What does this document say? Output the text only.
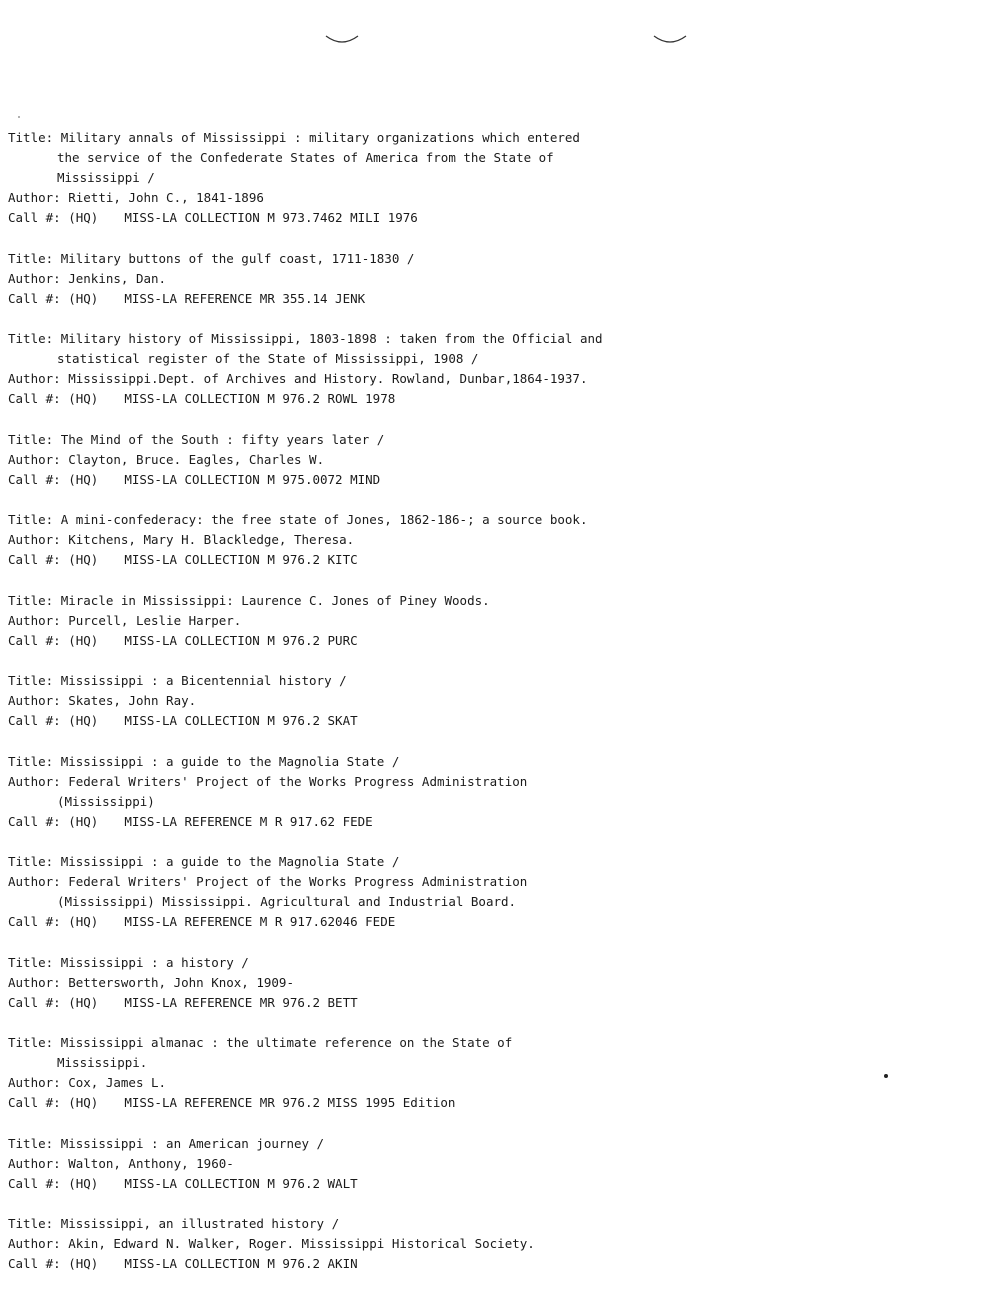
Title: Military annals of Mississippi : military organizations which entered
the service of the Confederate States of America from the State of
Mississippi /
Author: Rietti, John C., 1841-1896
Call #: (HQ) MISS-LA COLLECTION M 973.7462 MILI 1976
Title: Military buttons of the gulf coast, 1711-1830 /
Author: Jenkins, Dan.
Call #: (HQ) MISS-LA REFERENCE MR 355.14 JENK
Title: Military history of Mississippi, 1803-1898 : taken from the Official and
statistical register of the State of Mississippi, 1908 /
Author: Mississippi.Dept. of Archives and History. Rowland, Dunbar,1864-1937.
Call #: (HQ) MISS-LA COLLECTION M 976.2 ROWL 1978
Title: The Mind of the South : fifty years later /
Author: Clayton, Bruce. Eagles, Charles W.
Call #: (HQ) MISS-LA COLLECTION M 975.0072 MIND
Title: A mini-confederacy: the free state of Jones, 1862-186-; a source book.
Author: Kitchens, Mary H. Blackledge, Theresa.
Call #: (HQ) MISS-LA COLLECTION M 976.2 KITC
Title: Miracle in Mississippi: Laurence C. Jones of Piney Woods.
Author: Purcell, Leslie Harper.
Call #: (HQ) MISS-LA COLLECTION M 976.2 PURC
Title: Mississippi : a Bicentennial history /
Author: Skates, John Ray.
Call #: (HQ) MISS-LA COLLECTION M 976.2 SKAT
Title: Mississippi : a guide to the Magnolia State /
Author: Federal Writers' Project of the Works Progress Administration
(Mississippi)
Call #: (HQ) MISS-LA REFERENCE M R 917.62 FEDE
Title: Mississippi : a guide to the Magnolia State /
Author: Federal Writers' Project of the Works Progress Administration
(Mississippi) Mississippi. Agricultural and Industrial Board.
Call #: (HQ) MISS-LA REFERENCE M R 917.62046 FEDE
Title: Mississippi : a history /
Author: Bettersworth, John Knox, 1909-
Call #: (HQ) MISS-LA REFERENCE MR 976.2 BETT
Title: Mississippi almanac : the ultimate reference on the State of
Mississippi.
Author: Cox, James L.
Call #: (HQ) MISS-LA REFERENCE MR 976.2 MISS 1995 Edition
Title: Mississippi : an American journey /
Author: Walton, Anthony, 1960-
Call #: (HQ) MISS-LA COLLECTION M 976.2 WALT
Title: Mississippi, an illustrated history /
Author: Akin, Edward N. Walker, Roger. Mississippi Historical Society.
Call #: (HQ) MISS-LA COLLECTION M 976.2 AKIN
